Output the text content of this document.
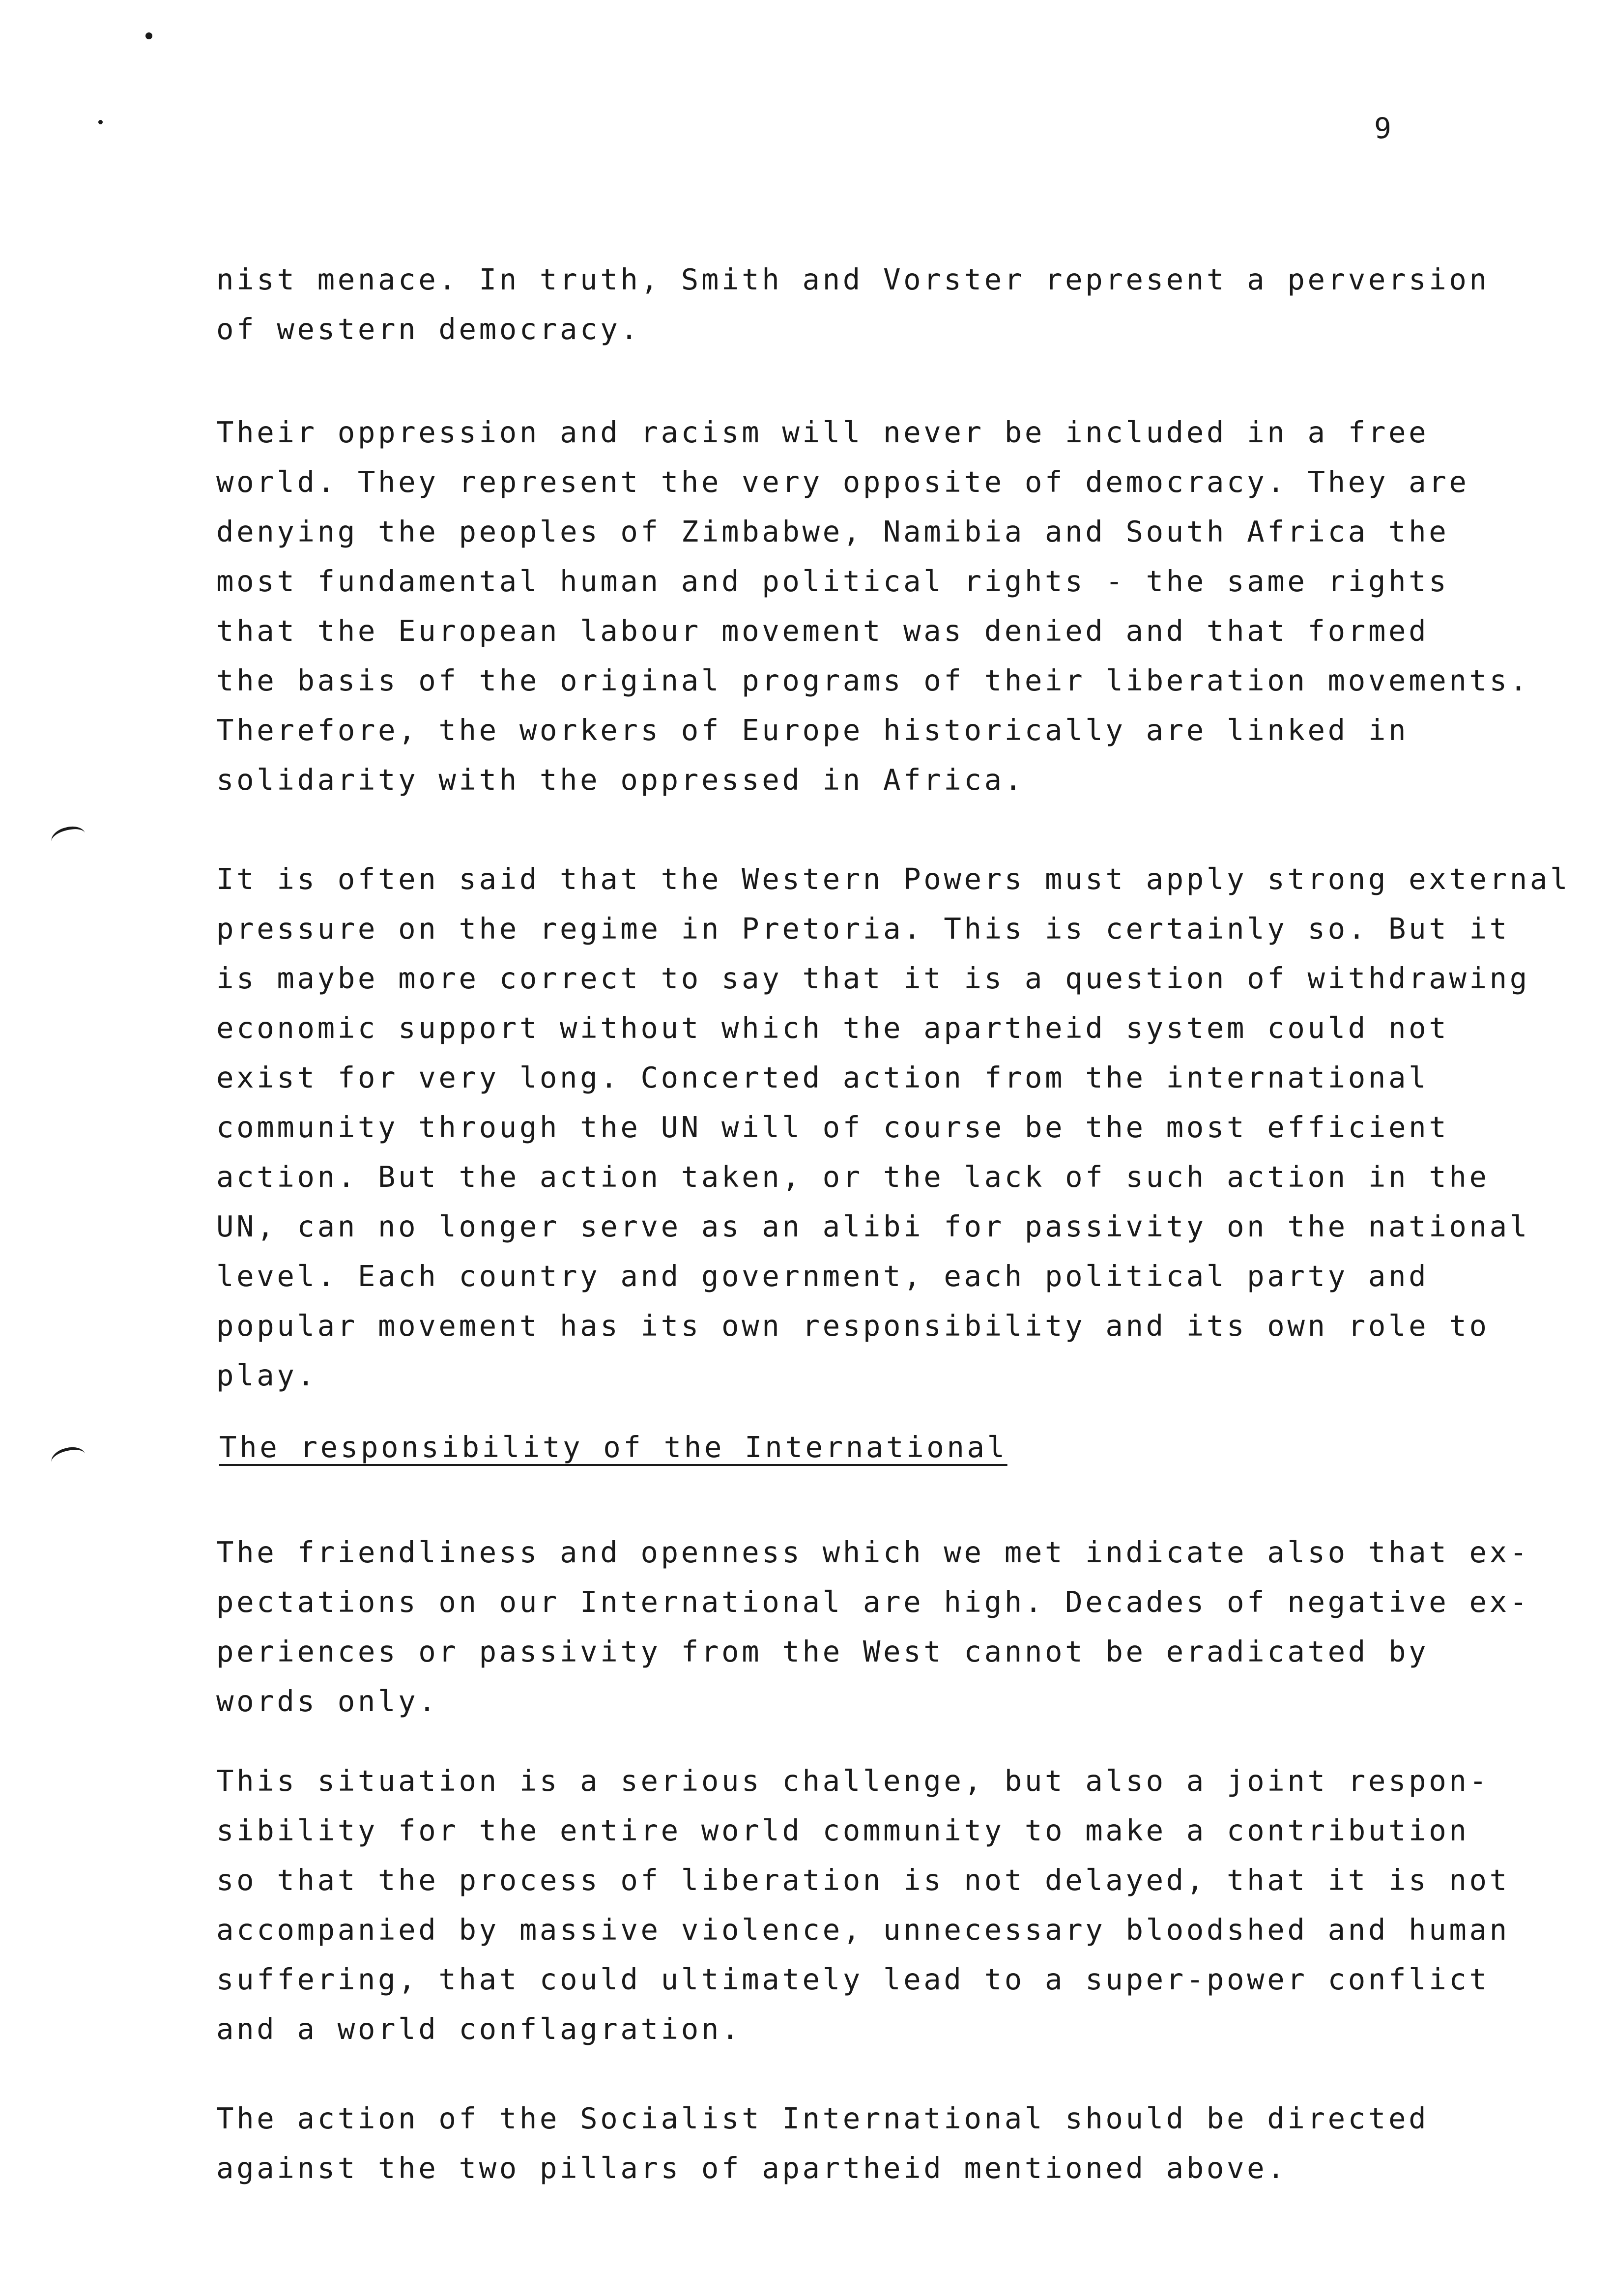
9
nist menace. In truth, Smith and Vorster represent a perversion
of western democracy.
Their oppression and racism will never be included in a free
world. They represent the very opposite of democracy. They are
denying the peoples of Zimbabwe, Namibia and South Africa the
most fundamental human and political rights - the same rights
that the European labour movement was denied and that formed
the basis of the original programs of their liberation movements.
Therefore, the workers of Europe historically are linked in
solidarity with the oppressed in Africa.
It is often said that the Western Powers must apply strong external
pressure on the regime in Pretoria. This is certainly so. But it
is maybe more correct to say that it is a question of withdrawing
economic support without which the apartheid system could not
exist for very long. Concerted action from the international
community through the UN will of course be the most efficient
action. But the action taken, or the lack of such action in the
UN, can no longer serve as an alibi for passivity on the national
level. Each country and government, each political party and
popular movement has its own responsibility and its own role to
play.
The responsibility of the International
The friendliness and openness which we met indicate also that ex-
pectations on our International are high. Decades of negative ex-
periences or passivity from the West cannot be eradicated by
words only.
This situation is a serious challenge, but also a joint respon-
sibility for the entire world community to make a contribution
so that the process of liberation is not delayed, that it is not
accompanied by massive violence, unnecessary bloodshed and human
suffering, that could ultimately lead to a super-power conflict
and a world conflagration.
The action of the Socialist International should be directed
against the two pillars of apartheid mentioned above.
